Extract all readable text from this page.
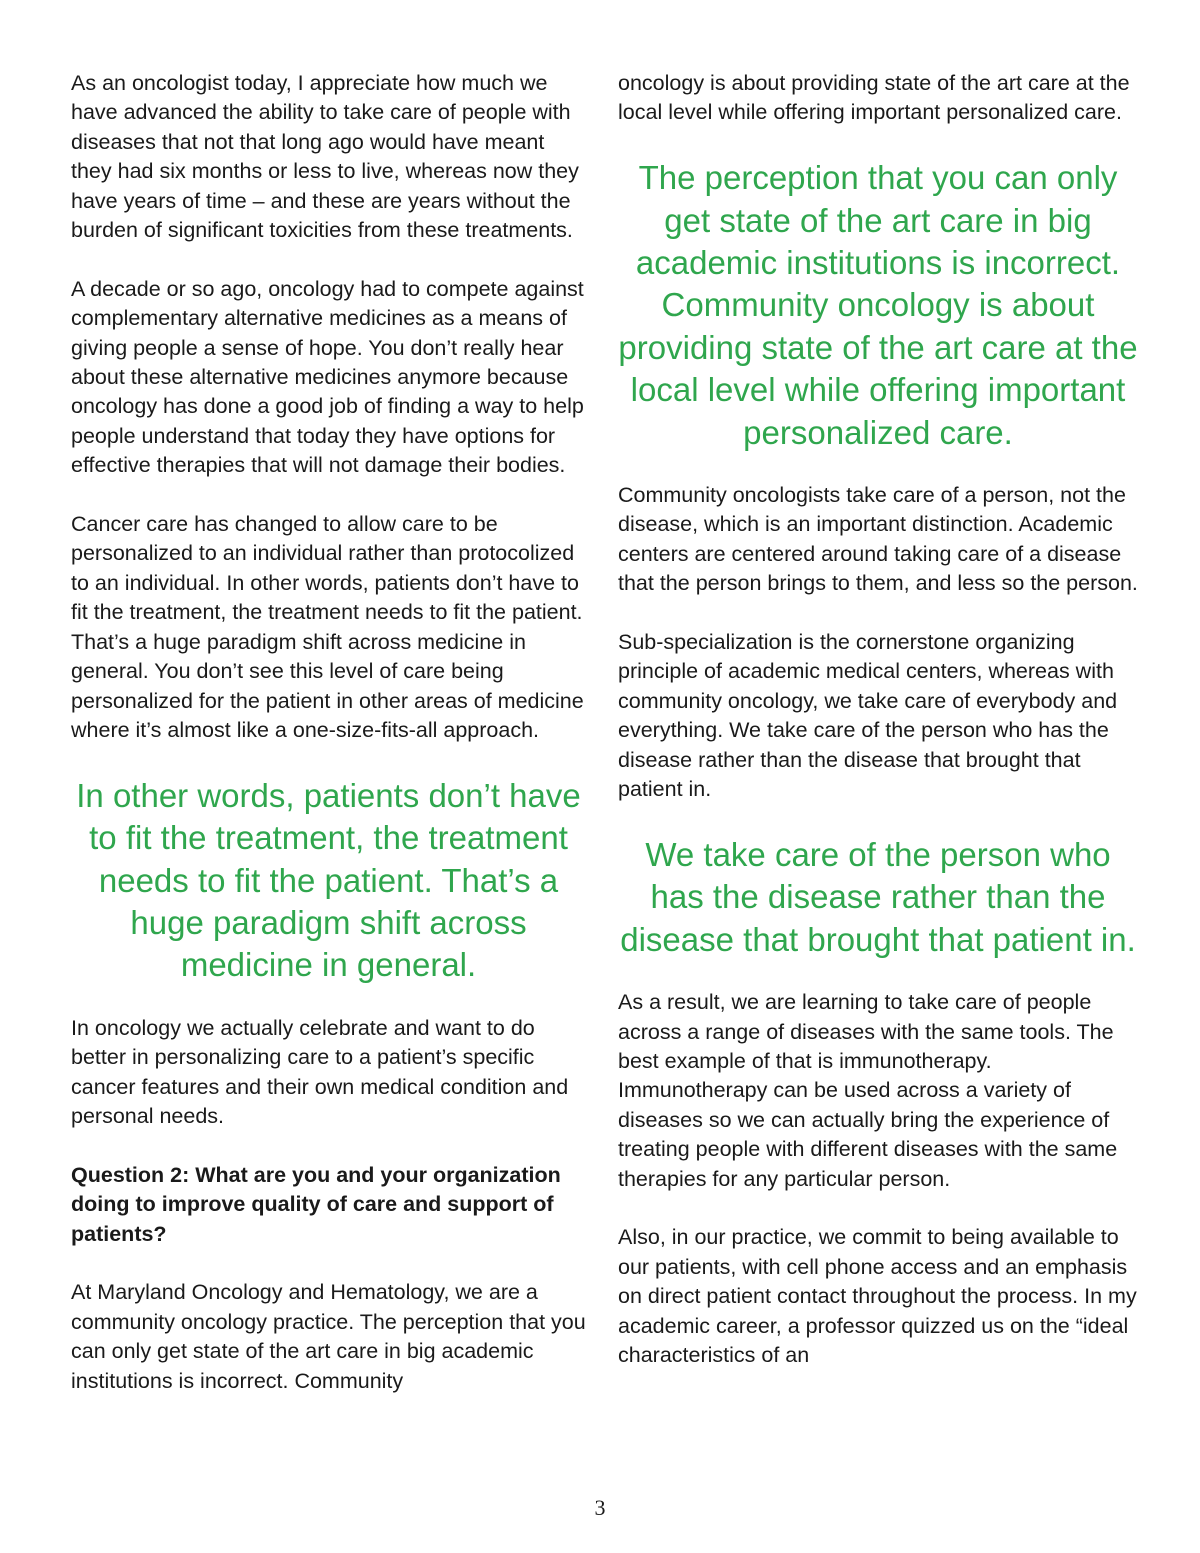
As an oncologist today, I appreciate how much we have advanced the ability to take care of people with diseases that not that long ago would have meant they had six months or less to live, whereas now they have years of time – and these are years without the burden of significant toxicities from these treatments.

A decade or so ago, oncology had to compete against complementary alternative medicines as a means of giving people a sense of hope. You don’t really hear about these alternative medicines anymore because oncology has done a good job of finding a way to help people understand that today they have options for effective therapies that will not damage their bodies.

Cancer care has changed to allow care to be personalized to an individual rather than protocolized to an individual. In other words, patients don’t have to fit the treatment, the treatment needs to fit the patient. That’s a huge paradigm shift across medicine in general. You don’t see this level of care being personalized for the patient in other areas of medicine where it’s almost like a one-size-fits-all approach.

In other words, patients don’t have to fit the treatment, the treatment needs to fit the patient. That’s a huge paradigm shift across medicine in general.

In oncology we actually celebrate and want to do better in personalizing care to a patient’s specific cancer features and their own medical condition and personal needs.

Question 2: What are you and your organization doing to improve quality of care and support of patients?

At Maryland Oncology and Hematology, we are a community oncology practice. The perception that you can only get state of the art care in big academic institutions is incorrect. Community

oncology is about providing state of the art care at the local level while offering important personalized care.

The perception that you can only get state of the art care in big academic institutions is incorrect. Community oncology is about providing state of the art care at the local level while offering important personalized care.

Community oncologists take care of a person, not the disease, which is an important distinction. Academic centers are centered around taking care of a disease that the person brings to them, and less so the person.

Sub-specialization is the cornerstone organizing principle of academic medical centers, whereas with community oncology, we take care of everybody and everything. We take care of the person who has the disease rather than the disease that brought that patient in.

We take care of the person who has the disease rather than the disease that brought that patient in.

As a result, we are learning to take care of people across a range of diseases with the same tools. The best example of that is immunotherapy. Immunotherapy can be used across a variety of diseases so we can actually bring the experience of treating people with different diseases with the same therapies for any particular person.

Also, in our practice, we commit to being available to our patients, with cell phone access and an emphasis on direct patient contact throughout the process. In my academic career, a professor quizzed us on the “ideal characteristics of an

3
